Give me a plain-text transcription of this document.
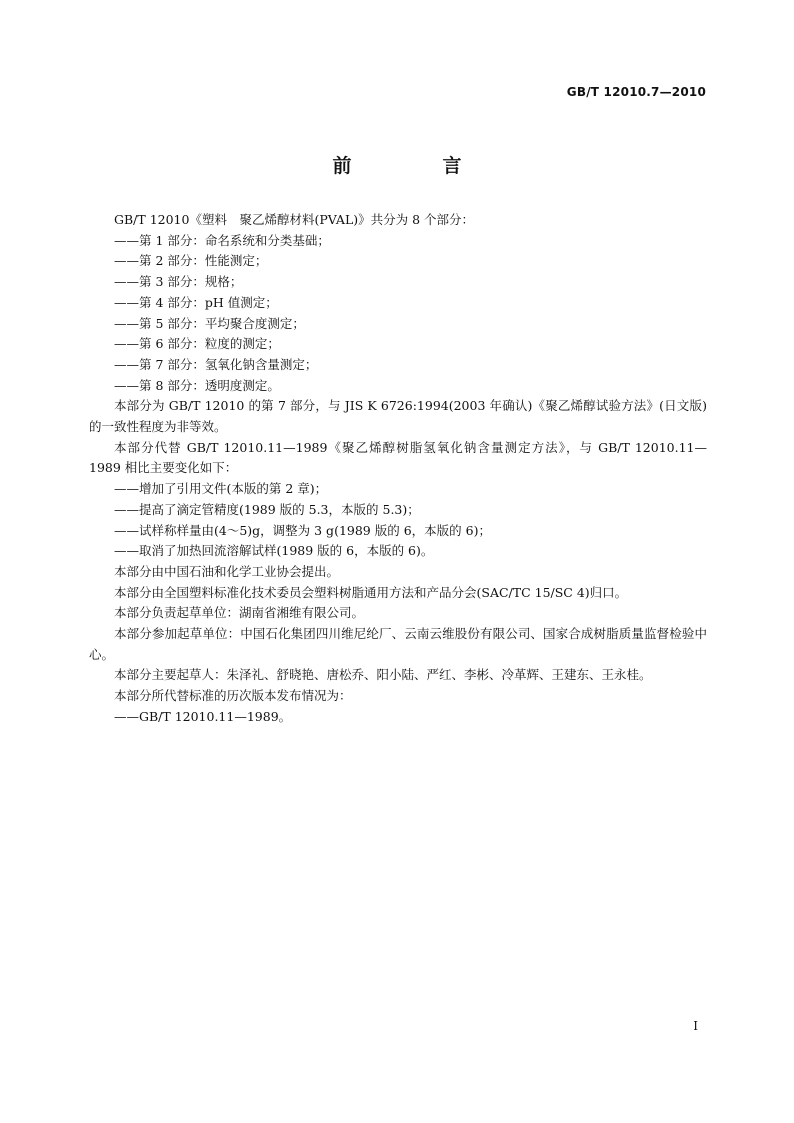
GB/T 12010.7—2010
前　言

GB/T 12010《塑料　聚乙烯醇材料(PVAL)》共分为 8 个部分：

——第 1 部分：命名系统和分类基础；

——第 2 部分：性能测定；

——第 3 部分：规格；

——第 4 部分：pH 值测定；

——第 5 部分：平均聚合度测定；

——第 6 部分：粒度的测定；

——第 7 部分：氢氧化钠含量测定；

——第 8 部分：透明度测定。

本部分为 GB/T 12010 的第 7 部分，与 JIS K 6726:1994(2003 年确认)《聚乙烯醇试验方法》(日文版)的一致性程度为非等效。

本部分代替 GB/T 12010.11—1989《聚乙烯醇树脂氢氧化钠含量测定方法》，与 GB/T 12010.11—1989 相比主要变化如下：

——增加了引用文件(本版的第 2 章)；

——提高了滴定管精度(1989 版的 5.3，本版的 5.3)；

——试样称样量由(4～5)g，调整为 3 g(1989 版的 6，本版的 6)；

——取消了加热回流溶解试样(1989 版的 6，本版的 6)。

本部分由中国石油和化学工业协会提出。

本部分由全国塑料标准化技术委员会塑料树脂通用方法和产品分会(SAC/TC 15/SC 4)归口。

本部分负责起草单位：湖南省湘维有限公司。

本部分参加起草单位：中国石化集团四川维尼纶厂、云南云维股份有限公司、国家合成树脂质量监督检验中心。

本部分主要起草人：朱泽礼、舒晓艳、唐松乔、阳小陆、严红、李彬、冷革辉、王建东、王永桂。

本部分所代替标准的历次版本发布情况为：

——GB/T 12010.11—1989。

I
